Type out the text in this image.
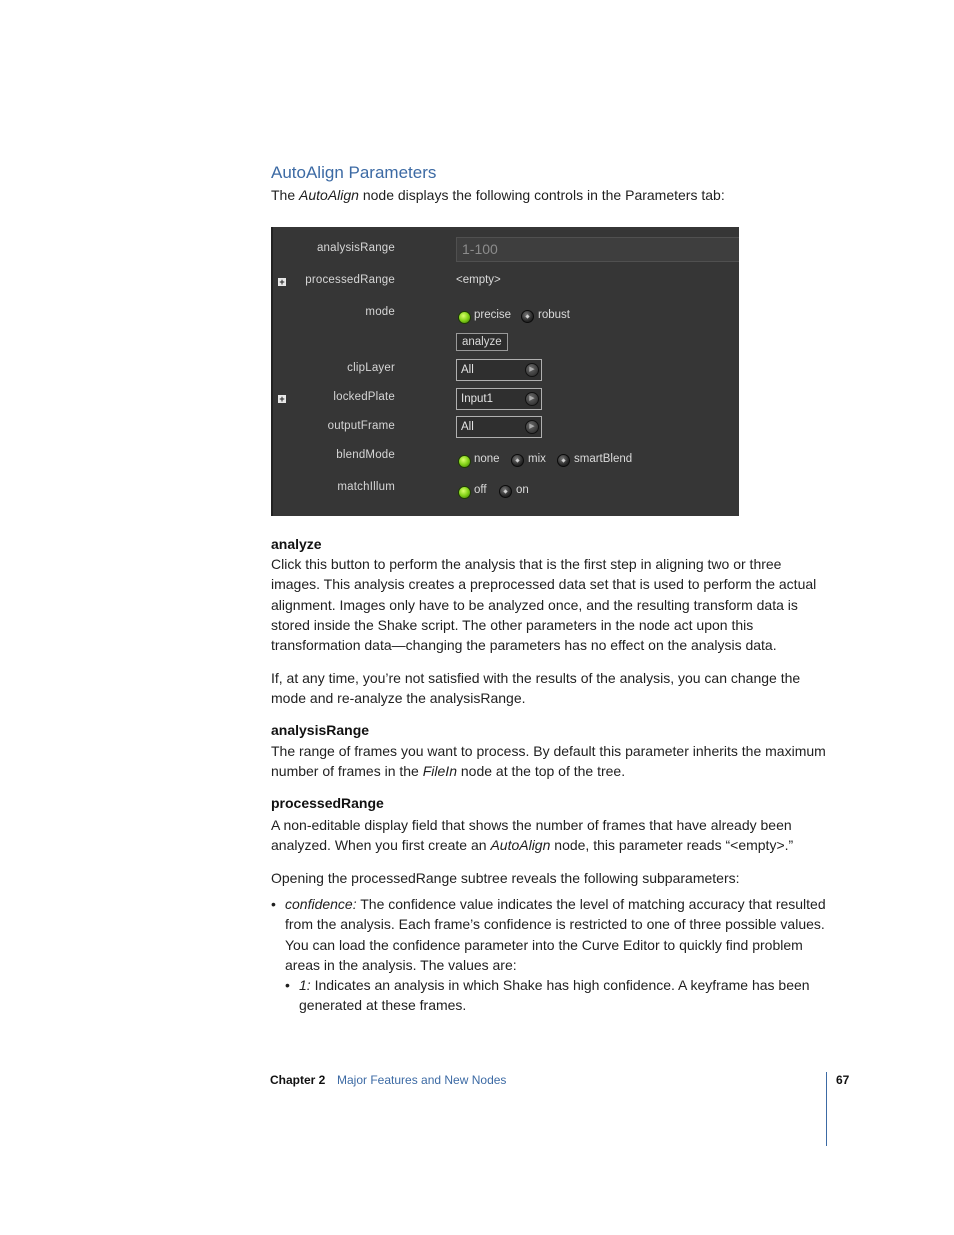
AutoAlign Parameters

The AutoAlign node displays the following controls in the Parameters tab:

analysisRange	1-100
+ processedRange	<empty>
mode	precise robust
analyze
clipLayer	All	▶
+	lockedPlate	Input1	▶
outputFrame	All	▶
blendMode	none mix smartBlend
matchIllum	off	on
analyze

Click this button to perform the analysis that is the first step in aligning two or three images. This analysis creates a preprocessed data set that is used to perform the actual alignment. Images only have to be analyzed once, and the resulting transform data is stored inside the Shake script. The other parameters in the node act upon this transformation data—changing the parameters has no effect on the analysis data.

If, at any time, you’re not satisfied with the results of the analysis, you can change the mode and re-analyze the analysisRange.

analysisRange

The range of frames you want to process. By default this parameter inherits the maximum number of frames in the FileIn node at the top of the tree.

processedRange

A non-editable display field that shows the number of frames that have already been analyzed. When you first create an AutoAlign node, this parameter reads “<empty>.”

Opening the processedRange subtree reveals the following subparameters:

• confidence: The confidence value indicates the level of matching accuracy that resulted from the analysis. Each frame’s confidence is restricted to one of three possible values. You can load the confidence parameter into the Curve Editor to quickly find problem areas in the analysis. The values are:

• 1: Indicates an analysis in which Shake has high confidence. A keyframe has been generated at these frames.

Chapter 2 Major Features and New Nodes	67
